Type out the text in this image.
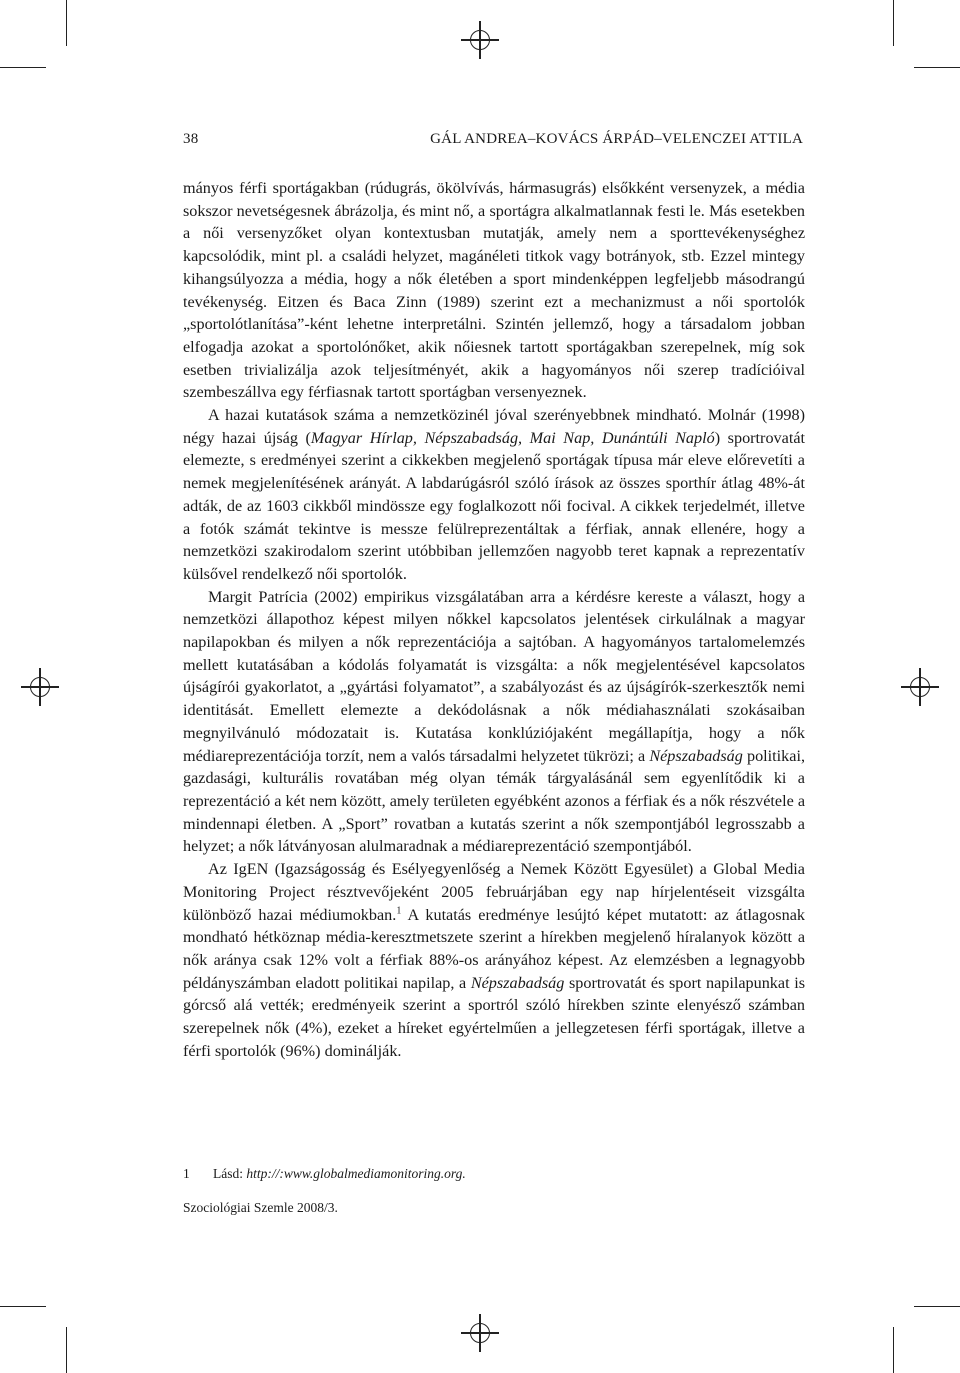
38	GÁL ANDREA–KOVÁCS ÁRPÁD–VELENCZEI ATTILA

mányos férfi sportágakban (rúdugrás, ökölvívás, hármasugrás) elsőkként versenyzek, a média sokszor nevetségesnek ábrázolja, és mint nő, a sportágra alkalmatlannak festi le. Más esetekben a női versenyzőket olyan kontextusban mutatják, amely nem a sporttevékenységhez kapcsolódik, mint pl. a családi helyzet, magánéleti titkok vagy botrányok, stb. Ezzel mintegy kihangsúlyozza a média, hogy a nők életében a sport mindenképpen legfeljebb másodrangú tevékenység. Eitzen és Baca Zinn (1989) szerint ezt a mechanizmust a női sportolók „sportolótlanítása”-ként lehetne interpretálni. Szintén jellemző, hogy a társadalom jobban elfogadja azokat a sportolónőket, akik nőiesnek tartott sportágakban szerepelnek, míg sok esetben trivializálja azok teljesítményét, akik a hagyományos női szerep tradícióival szembeszállva egy férfiasnak tartott sportágban versenyeznek.

A hazai kutatások száma a nemzetközinél jóval szerényebbnek mindható. Molnár (1998) négy hazai újság (Magyar Hírlap, Népszabadság, Mai Nap, Dunántúli Napló) sportrovatát elemezte, s eredményei szerint a cikkekben megjelenő sportágak típusa már eleve előrevetíti a nemek megjelenítésének arányát. A labdarúgásról szóló írások az összes sporthír átlag 48%-át adták, de az 1603 cikkből mindössze egy foglalkozott női focival. A cikkek terjedelmét, illetve a fotók számát tekintve is messze felülreprezentáltak a férfiak, annak ellenére, hogy a nemzetközi szakirodalom szerint utóbbiban jellemzően nagyobb teret kapnak a reprezentatív külsővel rendelkező női sportolók.

Margit Patrícia (2002) empirikus vizsgálatában arra a kérdésre kereste a választ, hogy a nemzetközi állapothoz képest milyen nőkkel kapcsolatos jelentések cirkulálnak a magyar napilapokban és milyen a nők reprezentációja a sajtóban. A hagyományos tartalomelemzés mellett kutatásában a kódolás folyamatát is vizsgálta: a nők megjelentésével kapcsolatos újságírói gyakorlatot, a „gyártási folyamatot”, a szabályozást és az újságírók-szerkesztők nemi identitását. Emellett elemezte a dekódolásnak a nők médiahasználati szokásaiban megnyilvánuló módozatait is. Kutatása konklúziójaként megállapítja, hogy a nők médiareprezentációja torzít, nem a valós társadalmi helyzetet tükrözi; a Népszabadság politikai, gazdasági, kulturális rovatában még olyan témák tárgyalásánál sem egyenlítődik ki a reprezentáció a két nem között, amely területen egyébként azonos a férfiak és a nők részvétele a mindennapi életben. A „Sport” rovatban a kutatás szerint a nők szempontjából legrosszabb a helyzet; a nők látványosan alulmaradnak a médiareprezentáció szempontjából.

Az IgEN (Igazságosság és Esélyegyenlőség a Nemek Között Egyesület) a Global Media Monitoring Project résztvevőjeként 2005 februárjában egy nap hírjelentéseit vizsgálta különböző hazai médiumokban.$^1$ A kutatás eredménye lesújtó képet mutatott: az átlagosnak mondható hétköznap média-keresztmetszete szerint a hírekben megjelenő híralanyok között a nők aránya csak 12% volt a férfiak 88%-os arányához képest. Az elemzésben a legnagyobb példányszámban eladott politikai napilap, a Népszabadság sportrovatát és sport napilapunkat is górcső alá vették; eredményeik szerint a sportról szóló hírekben szinte elenyésző számban szerepelnek nők (4%), ezeket a híreket egyértelműen a jellegzetesen férfi sportágak, illetve a férfi sportolók (96%) dominálják.

1 Lásd: http://:www.globalmediamonitoring.org.
Szociológiai Szemle 2008/3.
